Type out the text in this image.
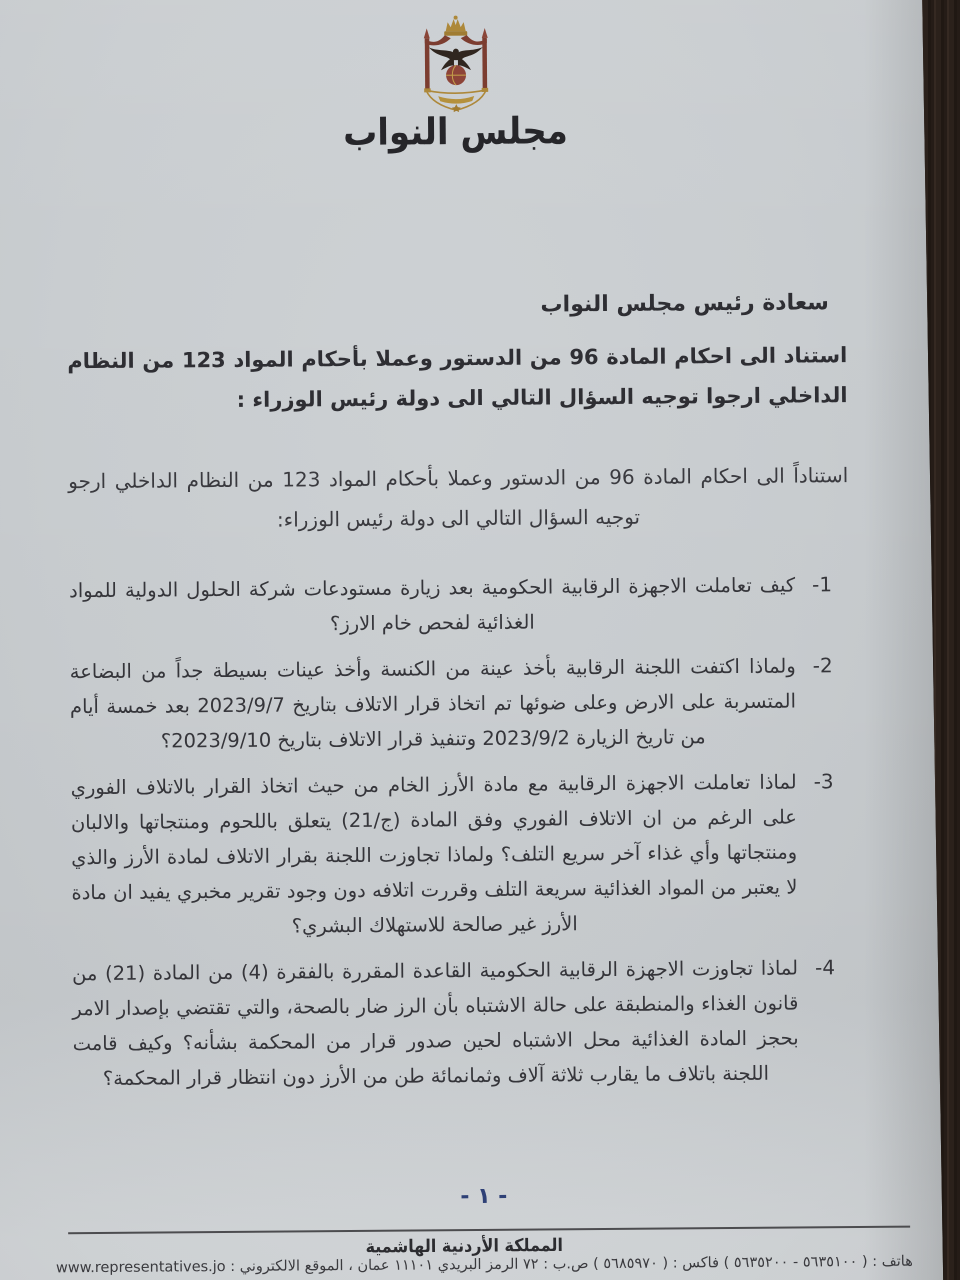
مجلس النواب
سعادة رئيس مجلس النواب

استناد الى احكام المادة 96 من الدستور وعملا بأحكام المواد 123 من النظام الداخلي ارجوا توجيه السؤال التالي الى دولة رئيس الوزراء :

استناداً الى احكام المادة 96 من الدستور وعملا بأحكام المواد 123 من النظام الداخلي ارجو توجيه السؤال التالي الى دولة رئيس الوزراء:

-1

كيف تعاملت الاجهزة الرقابية الحكومية بعد زيارة مستودعات شركة الحلول الدولية للمواد الغذائية لفحص خام الارز؟

-2

ولماذا اكتفت اللجنة الرقابية بأخذ عينة من الكنسة وأخذ عينات بسيطة جداً من البضاعة المتسربة على الارض وعلى ضوئها تم اتخاذ قرار الاتلاف بتاريخ 2023/9/7 بعد خمسة أيام من تاريخ الزيارة 2023/9/2 وتنفيذ قرار الاتلاف بتاريخ 2023/9/10؟

-3

لماذا تعاملت الاجهزة الرقابية مع مادة الأرز الخام من حيث اتخاذ القرار بالاتلاف الفوري على الرغم من ان الاتلاف الفوري وفق المادة (ج/21) يتعلق باللحوم ومنتجاتها والالبان ومنتجاتها وأي غذاء آخر سريع التلف؟ ولماذا تجاوزت اللجنة بقرار الاتلاف لمادة الأرز والذي لا يعتبر من المواد الغذائية سريعة التلف وقررت اتلافه دون وجود تقرير مخبري يفيد ان مادة الأرز غير صالحة للاستهلاك البشري؟

-4

لماذا تجاوزت الاجهزة الرقابية الحكومية القاعدة المقررة بالفقرة (4) من المادة (21) من قانون الغذاء والمنطبقة على حالة الاشتباه بأن الرز ضار بالصحة، والتي تقتضي بإصدار الامر بحجز المادة الغذائية محل الاشتباه لحين صدور قرار من المحكمة بشأنه؟ وكيف قامت اللجنة باتلاف ما يقارب ثلاثة آلاف وثمانمائة طن من الأرز دون انتظار قرار المحكمة؟

- ١ -
المملكة الأردنية الهاشمية
هاتف : ( ٥٦٣٥١٠٠ - ٥٦٣٥٢٠٠ ) فاكس : ( ٥٦٨٥٩٧٠ ) ص.ب : ٧٢ الرمز البريدي ١١١٠١ عمان ، الموقع الالكتروني : www.representatives.jo
